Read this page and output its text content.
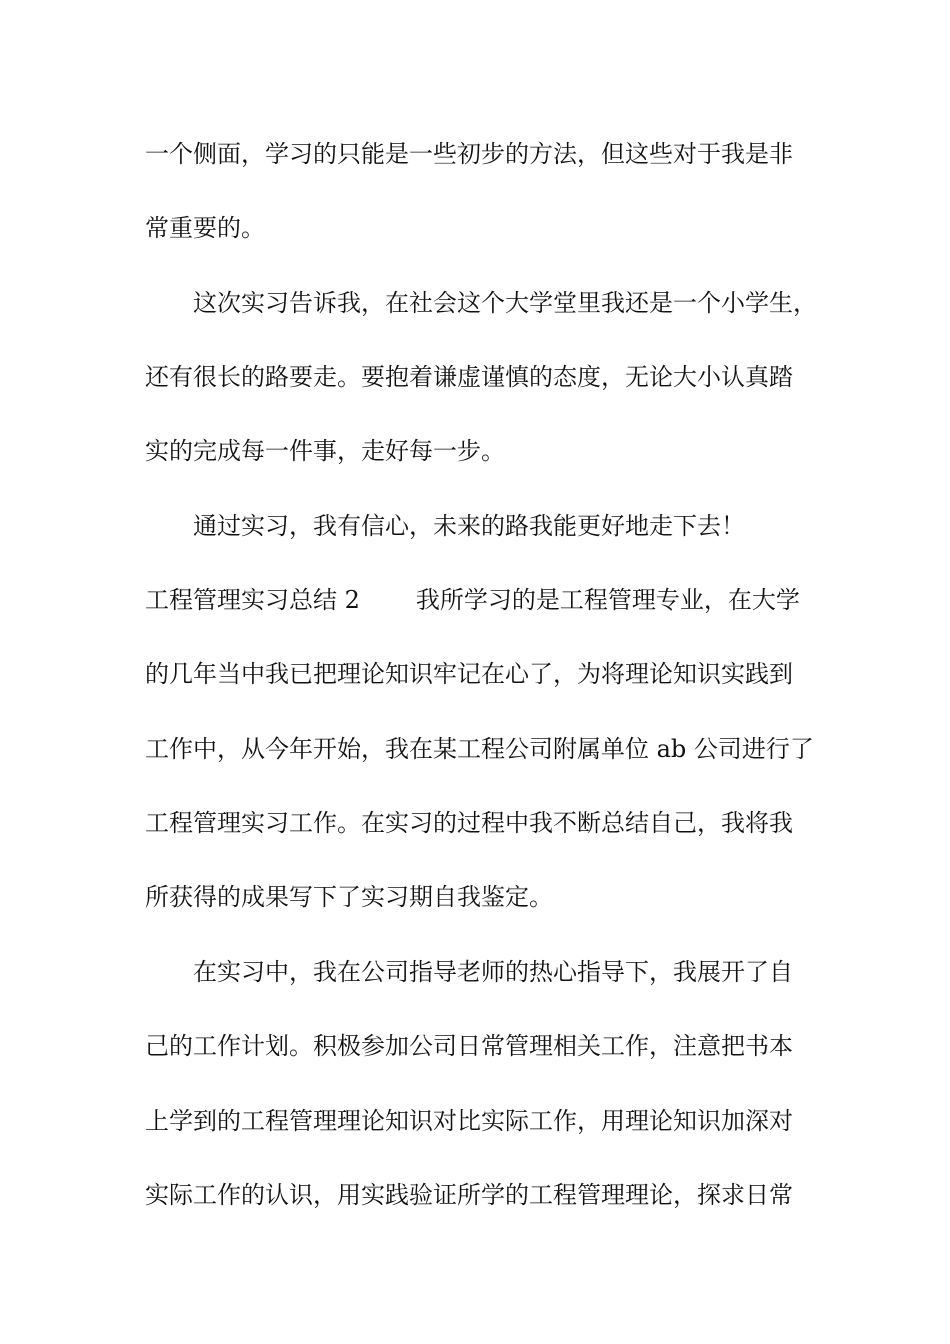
一个侧面，学习的只能是一些初步的方法，但这些对于我是非
常重要的。
这次实习告诉我，在社会这个大学堂里我还是一个小学生，
还有很长的路要走。要抱着谦虚谨慎的态度，无论大小认真踏
实的完成每一件事，走好每一步。
通过实习，我有信心，未来的路我能更好地走下去！
工程管理实习总结 2 我所学习的是工程管理专业，在大学
的几年当中我已把理论知识牢记在心了，为将理论知识实践到
工作中，从今年开始，我在某工程公司附属单位 ab 公司进行了
工程管理实习工作。在实习的过程中我不断总结自己，我将我
所获得的成果写下了实习期自我鉴定。
在实习中，我在公司指导老师的热心指导下，我展开了自
己的工作计划。积极参加公司日常管理相关工作，注意把书本
上学到的工程管理理论知识对比实际工作，用理论知识加深对
实际工作的认识，用实践验证所学的工程管理理论，探求日常
